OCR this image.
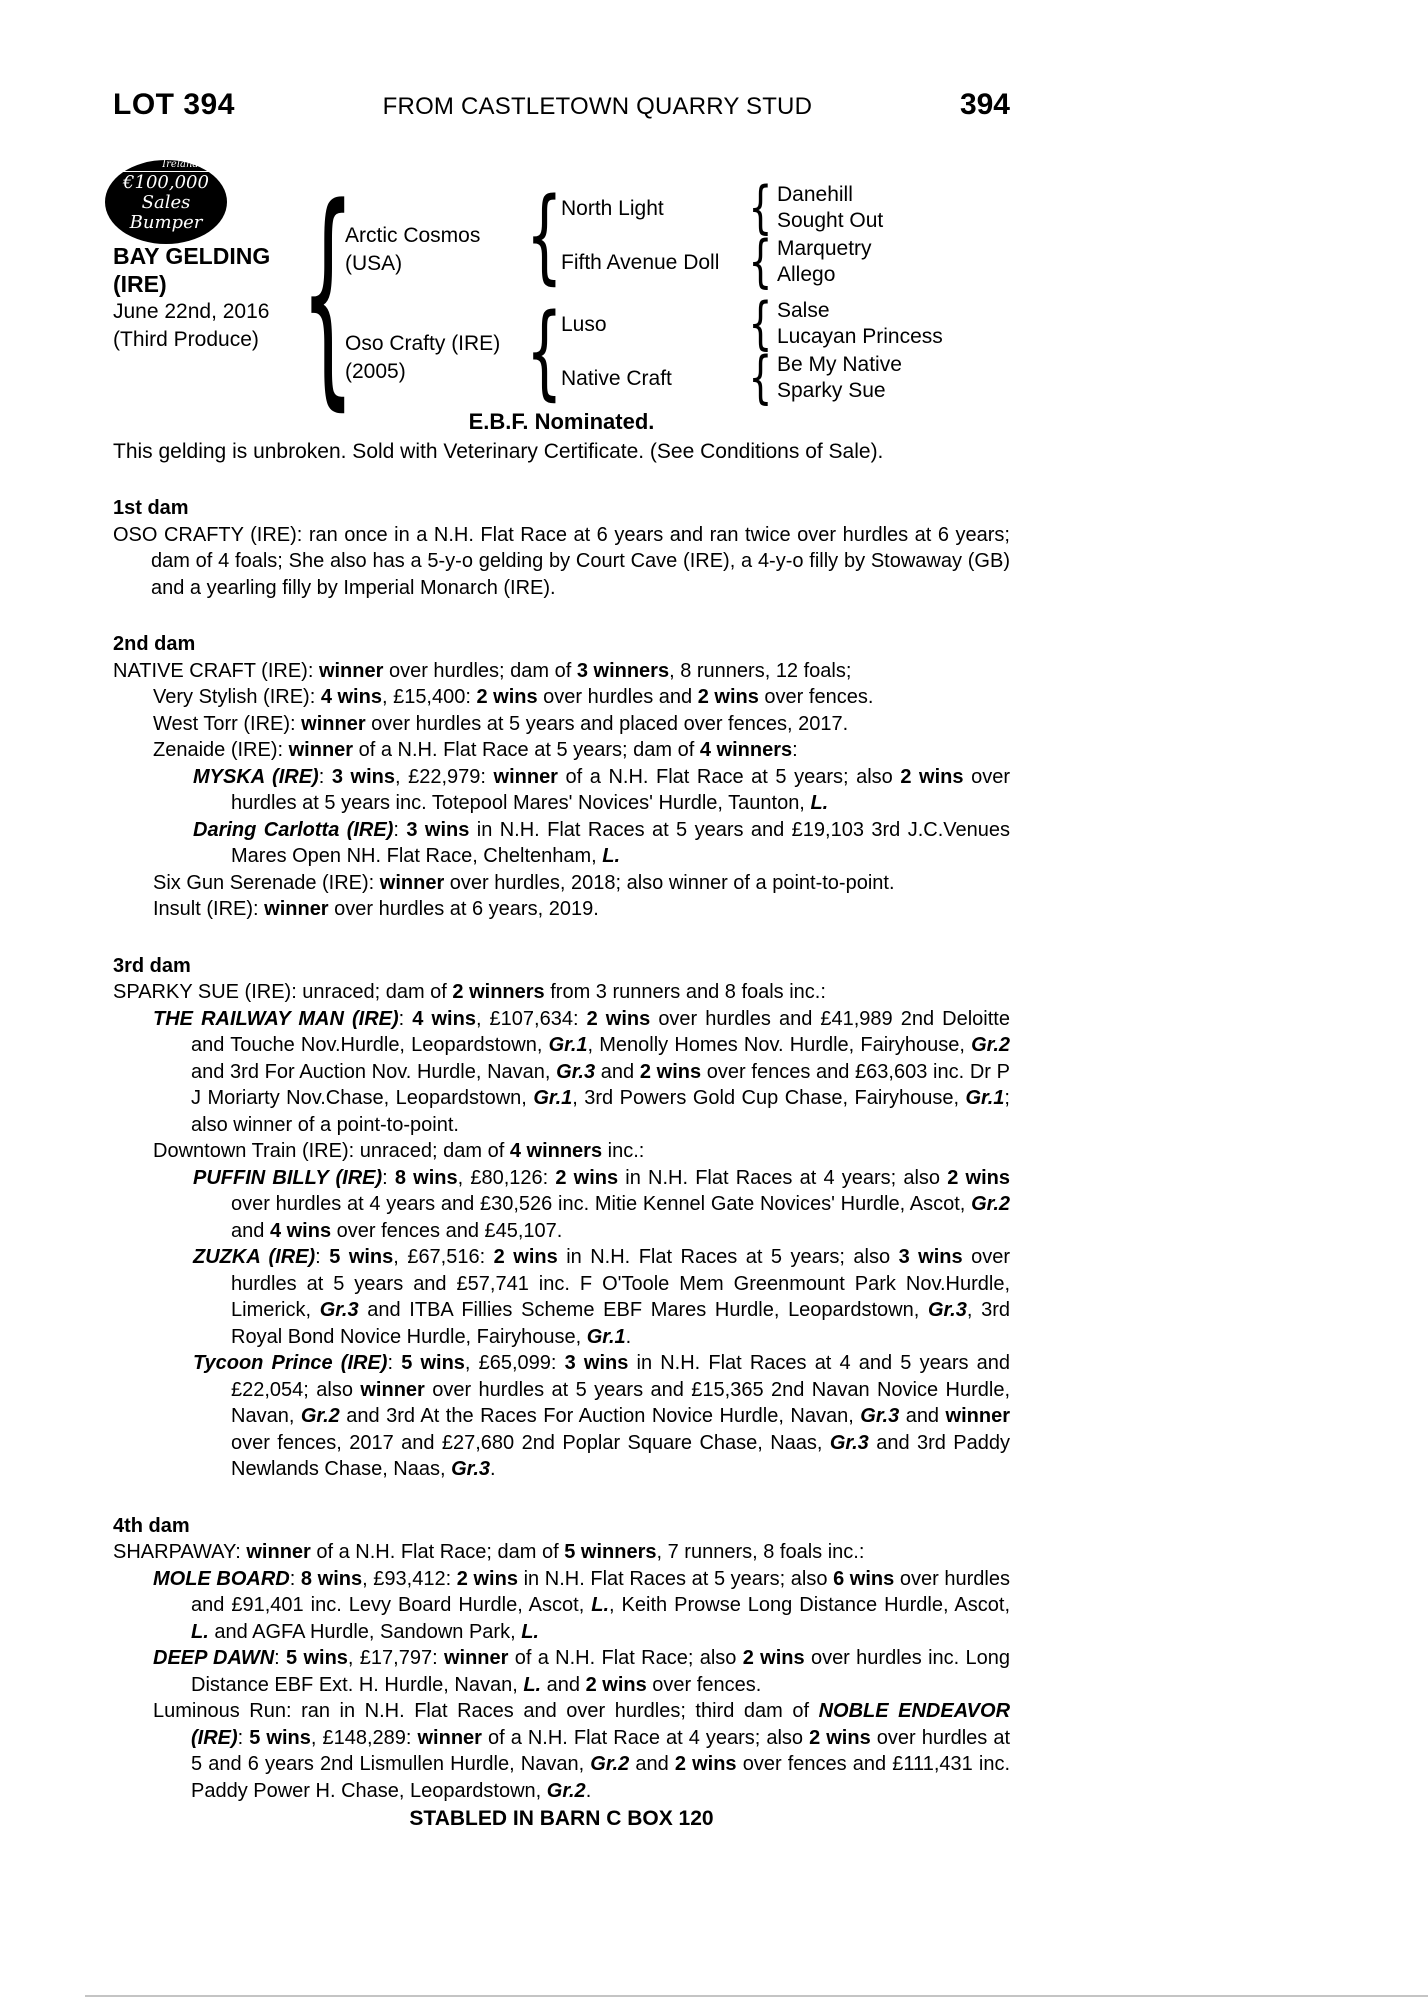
LOT 394	FROM CASTLETOWN QUARRY STUD	394
Tattersalls Ireland
€100,000
Sales Bumper
BAY GELDING
(IRE)
June 22nd, 2016
(Third Produce) {
Arctic Cosmos
(USA)
Oso Crafty (IRE)
(2005)
{
{
North Light
Fifth Avenue Doll
Luso
Native Craft
{
{
{
{
Danehill
Sought Out
Marquetry
Allego
Salse
Lucayan Princess
Be My Native
Sparky Sue
E.B.F. Nominated.
This gelding is unbroken. Sold with Veterinary Certificate. (See Conditions of Sale).
1st dam

OSO CRAFTY (IRE): ran once in a N.H. Flat Race at 6 years and ran twice over hurdles at 6 years; dam of 4 foals; She also has a 5-y-o gelding by Court Cave (IRE), a 4-y-o filly by Stowaway (GB) and a yearling filly by Imperial Monarch (IRE).

2nd dam

NATIVE CRAFT (IRE): winner over hurdles; dam of 3 winners, 8 runners, 12 foals;

Very Stylish (IRE): 4 wins, £15,400: 2 wins over hurdles and 2 wins over fences.

West Torr (IRE): winner over hurdles at 5 years and placed over fences, 2017.

Zenaide (IRE): winner of a N.H. Flat Race at 5 years; dam of 4 winners:

MYSKA (IRE): 3 wins, £22,979: winner of a N.H. Flat Race at 5 years; also 2 wins over hurdles at 5 years inc. Totepool Mares' Novices' Hurdle, Taunton, L.

Daring Carlotta (IRE): 3 wins in N.H. Flat Races at 5 years and £19,103 3rd J.C.Venues Mares Open NH. Flat Race, Cheltenham, L.

Six Gun Serenade (IRE): winner over hurdles, 2018; also winner of a point-to-point.

Insult (IRE): winner over hurdles at 6 years, 2019.

3rd dam

SPARKY SUE (IRE): unraced; dam of 2 winners from 3 runners and 8 foals inc.:

THE RAILWAY MAN (IRE): 4 wins, £107,634: 2 wins over hurdles and £41,989 2nd Deloitte and Touche Nov.Hurdle, Leopardstown, Gr.1, Menolly Homes Nov. Hurdle, Fairyhouse, Gr.2 and 3rd For Auction Nov. Hurdle, Navan, Gr.3 and 2 wins over fences and £63,603 inc. Dr P J Moriarty Nov.Chase, Leopardstown, Gr.1, 3rd Powers Gold Cup Chase, Fairyhouse, Gr.1; also winner of a point-to-point.

Downtown Train (IRE): unraced; dam of 4 winners inc.:

PUFFIN BILLY (IRE): 8 wins, £80,126: 2 wins in N.H. Flat Races at 4 years; also 2 wins over hurdles at 4 years and £30,526 inc. Mitie Kennel Gate Novices' Hurdle, Ascot, Gr.2 and 4 wins over fences and £45,107.

ZUZKA (IRE): 5 wins, £67,516: 2 wins in N.H. Flat Races at 5 years; also 3 wins over hurdles at 5 years and £57,741 inc. F O'Toole Mem Greenmount Park Nov.Hurdle, Limerick, Gr.3 and ITBA Fillies Scheme EBF Mares Hurdle, Leopardstown, Gr.3, 3rd Royal Bond Novice Hurdle, Fairyhouse, Gr.1.

Tycoon Prince (IRE): 5 wins, £65,099: 3 wins in N.H. Flat Races at 4 and 5 years and £22,054; also winner over hurdles at 5 years and £15,365 2nd Navan Novice Hurdle, Navan, Gr.2 and 3rd At the Races For Auction Novice Hurdle, Navan, Gr.3 and winner over fences, 2017 and £27,680 2nd Poplar Square Chase, Naas, Gr.3 and 3rd Paddy Newlands Chase, Naas, Gr.3.

4th dam

SHARPAWAY: winner of a N.H. Flat Race; dam of 5 winners, 7 runners, 8 foals inc.:

MOLE BOARD: 8 wins, £93,412: 2 wins in N.H. Flat Races at 5 years; also 6 wins over hurdles and £91,401 inc. Levy Board Hurdle, Ascot, L., Keith Prowse Long Distance Hurdle, Ascot, L. and AGFA Hurdle, Sandown Park, L.

DEEP DAWN: 5 wins, £17,797: winner of a N.H. Flat Race; also 2 wins over hurdles inc. Long Distance EBF Ext. H. Hurdle, Navan, L. and 2 wins over fences.

Luminous Run: ran in N.H. Flat Races and over hurdles; third dam of NOBLE ENDEAVOR (IRE): 5 wins, £148,289: winner of a N.H. Flat Race at 4 years; also 2 wins over hurdles at 5 and 6 years 2nd Lismullen Hurdle, Navan, Gr.2 and 2 wins over fences and £111,431 inc. Paddy Power H. Chase, Leopardstown, Gr.2.

STABLED IN BARN C BOX 120
